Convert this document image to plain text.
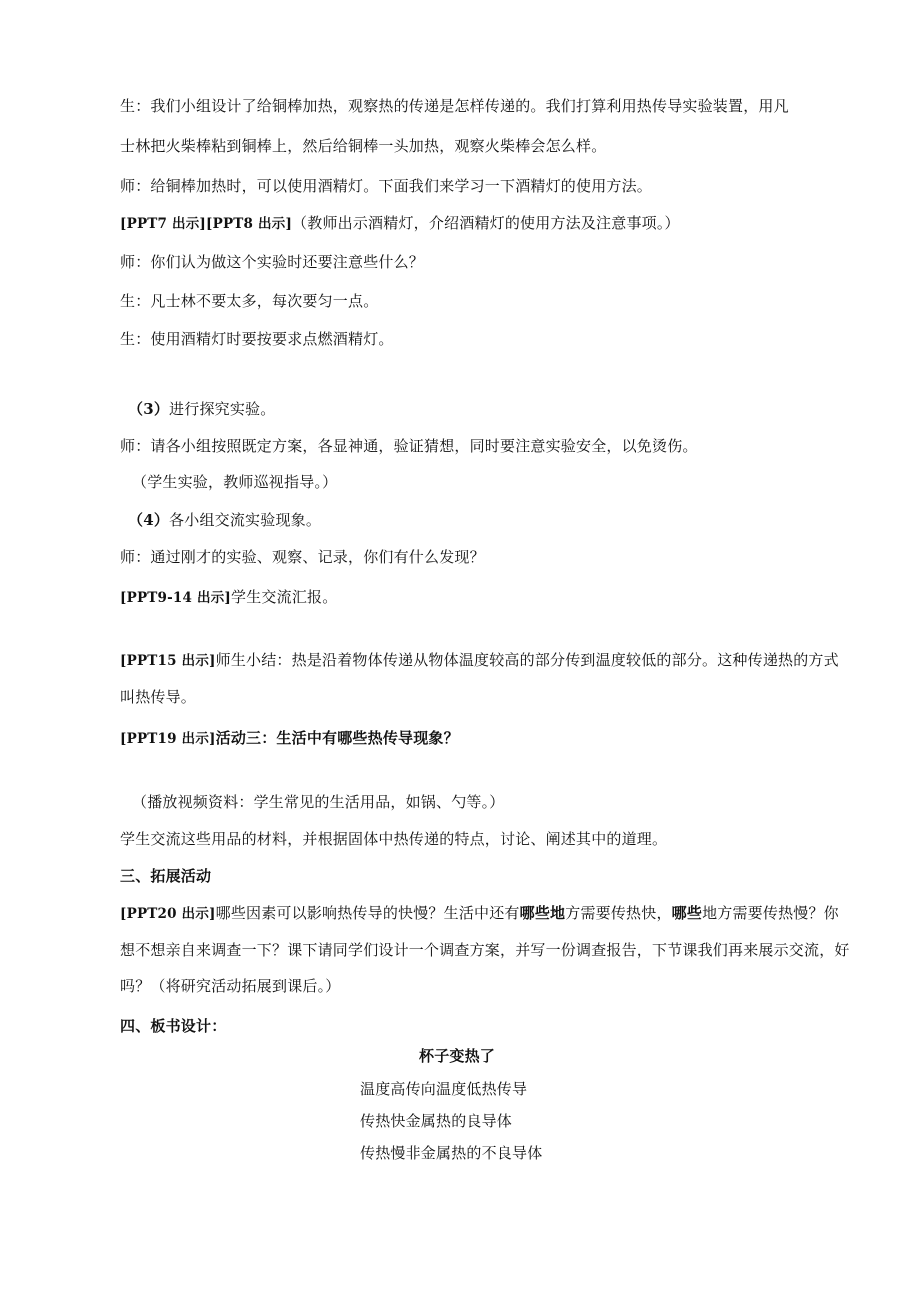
生：我们小组设计了给铜棒加热，观察热的传递是怎样传递的。我们打算利用热传导实验装置，用凡
士林把火柴棒粘到铜棒上，然后给铜棒一头加热，观察火柴棒会怎么样。
师：给铜棒加热时，可以使用酒精灯。下面我们来学习一下酒精灯的使用方法。
[PPT7 出示][PPT8 出示]（教师出示酒精灯，介绍酒精灯的使用方法及注意事项。）
师：你们认为做这个实验时还要注意些什么？
生：凡士林不要太多，每次要匀一点。
生：使用酒精灯时要按要求点燃酒精灯。
（3）进行探究实验。
师：请各小组按照既定方案，各显神通，验证猜想，同时要注意实验安全，以免烫伤。
（学生实验，教师巡视指导。）
（4）各小组交流实验现象。
师：通过刚才的实验、观察、记录，你们有什么发现？
[PPT9-14 出示]学生交流汇报。
[PPT15 出示]师生小结：热是沿着物体传递从物体温度较高的部分传到温度较低的部分。这种传递热的方式
叫热传导。
[PPT19 出示]活动三：生活中有哪些热传导现象？
（播放视频资料：学生常见的生活用品，如锅、勺等。）
学生交流这些用品的材料，并根据固体中热传递的特点，讨论、阐述其中的道理。
三、拓展活动
[PPT20 出示]哪些因素可以影响热传导的快慢？生活中还有哪些地方需要传热快，哪些地方需要传热慢？你
想不想亲自来调查一下？课下请同学们设计一个调查方案，并写一份调查报告，下节课我们再来展示交流，好
吗？（将研究活动拓展到课后。）
四、板书设计：
杯子变热了
温度高传向温度低热传导
传热快金属热的良导体
传热慢非金属热的不良导体
